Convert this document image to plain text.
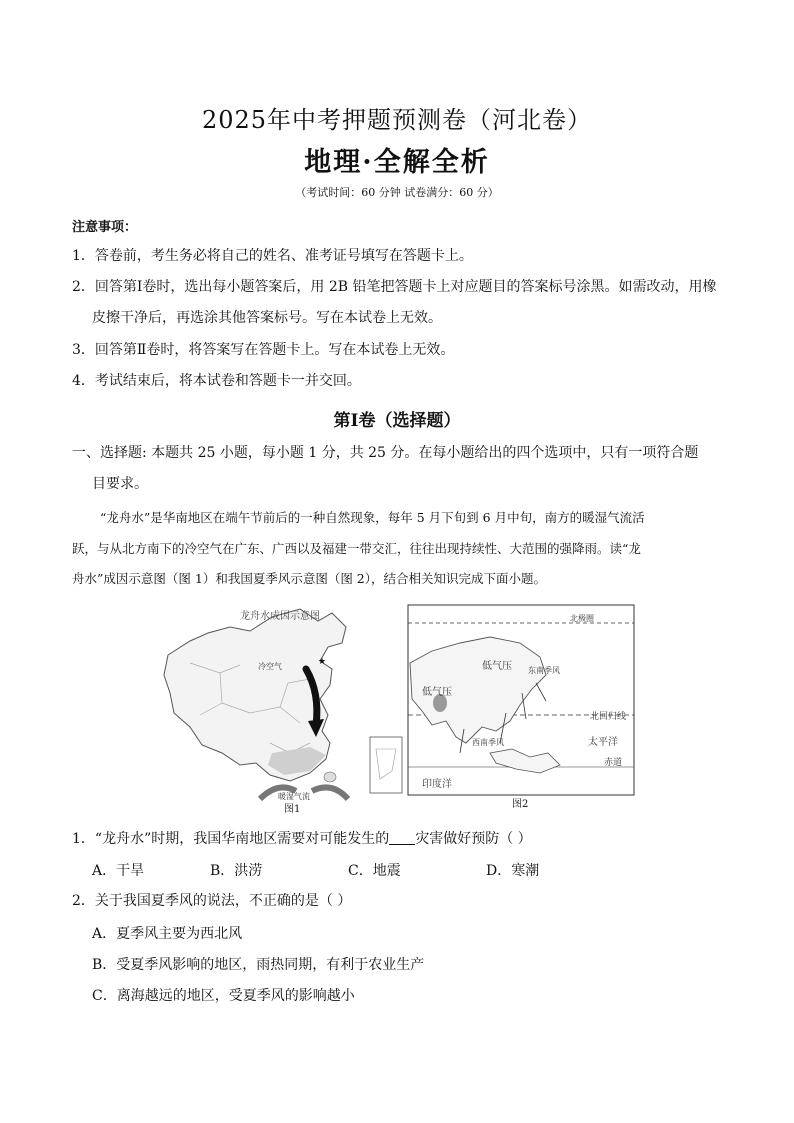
2025年中考押题预测卷（河北卷）
地理·全解全析
（考试时间：60 分钟 试卷满分：60 分）
注意事项：
1．答卷前，考生务必将自己的姓名、准考证号填写在答题卡上。
2．回答第Ⅰ卷时，选出每小题答案后，用 2B 铅笔把答题卡上对应题目的答案标号涂黑。如需改动，用橡
皮擦干净后，再选涂其他答案标号。写在本试卷上无效。
3．回答第Ⅱ卷时，将答案写在答题卡上。写在本试卷上无效。
4．考试结束后，将本试卷和答题卡一并交回。
第Ⅰ卷（选择题）
一、选择题: 本题共 25 小题，每小题 1 分，共 25 分。在每小题给出的四个选项中，只有一项符合题
目要求。
“龙舟水”是华南地区在端午节前后的一种自然现象，每年 5 月下旬到 6 月中旬，南方的暖湿气流活
跃，与从北方南下的冷空气在广东、广西以及福建一带交汇，往往出现持续性、大范围的强降雨。读“龙
舟水”成因示意图（图 1）和我国夏季风示意图（图 2），结合相关知识完成下面小题。
★
龙舟水成因示意图
冷空气
暖湿气流
图1
北极圈
低气压
低气压
东南季风
西南季风
北回归线
太平洋
赤道
印度洋
图2
1．“龙舟水”时期，我国华南地区需要对可能发生的 灾害做好预防（ ）
A．干旱	B．洪涝	C．地震	D．寒潮
2．关于我国夏季风的说法，不正确的是（ ）
A．夏季风主要为西北风
B．受夏季风影响的地区，雨热同期，有利于农业生产
C．离海越远的地区，受夏季风的影响越小
